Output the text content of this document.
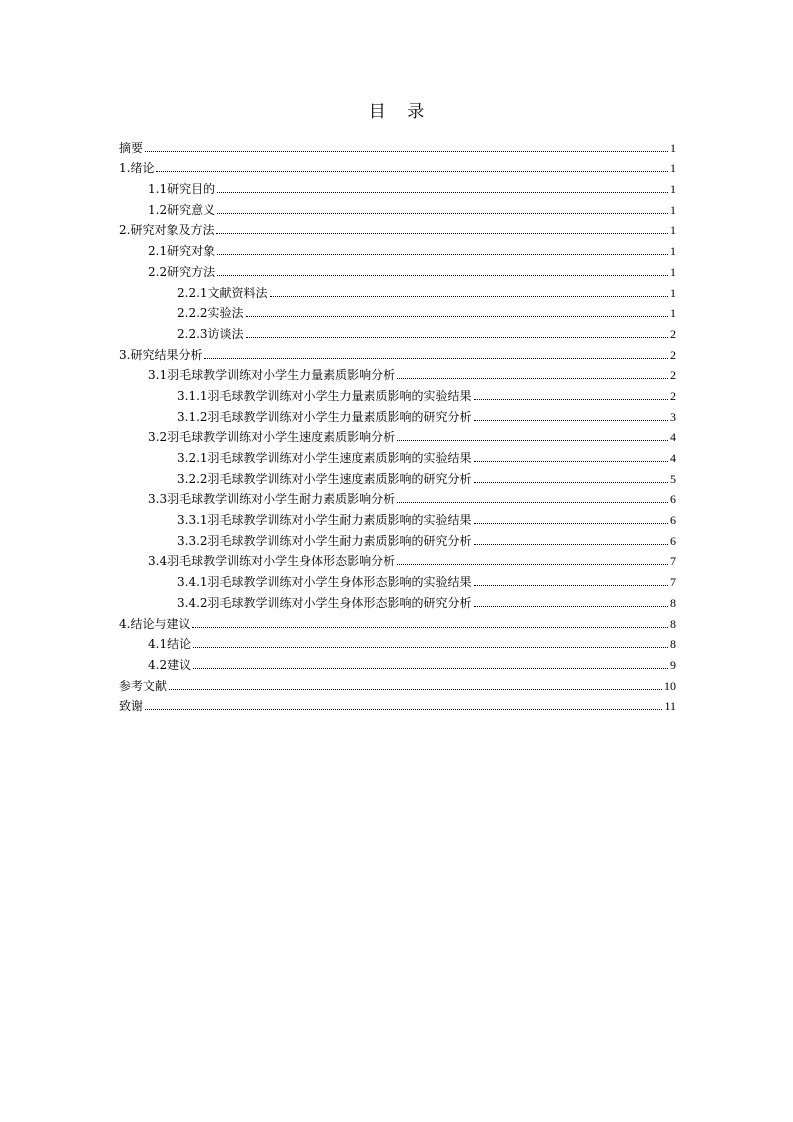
目 录
摘要	1
1.绪论	1
1.1研究目的	1
1.2研究意义	1
2.研究对象及方法	1
2.1研究对象	1
2.2研究方法	1
2.2.1文献资料法	1
2.2.2实验法	1
2.2.3访谈法	2
3.研究结果分析	2
3.1羽毛球教学训练对小学生力量素质影响分析	2
3.1.1羽毛球教学训练对小学生力量素质影响的实验结果	2
3.1.2羽毛球教学训练对小学生力量素质影响的研究分析	3
3.2羽毛球教学训练对小学生速度素质影响分析	4
3.2.1羽毛球教学训练对小学生速度素质影响的实验结果	4
3.2.2羽毛球教学训练对小学生速度素质影响的研究分析	5
3.3羽毛球教学训练对小学生耐力素质影响分析	6
3.3.1羽毛球教学训练对小学生耐力素质影响的实验结果	6
3.3.2羽毛球教学训练对小学生耐力素质影响的研究分析	6
3.4羽毛球教学训练对小学生身体形态影响分析	7
3.4.1羽毛球教学训练对小学生身体形态影响的实验结果	7
3.4.2羽毛球教学训练对小学生身体形态影响的研究分析	8
4.结论与建议	8
4.1结论	8
4.2建议	9
参考文献	10
致谢	11
